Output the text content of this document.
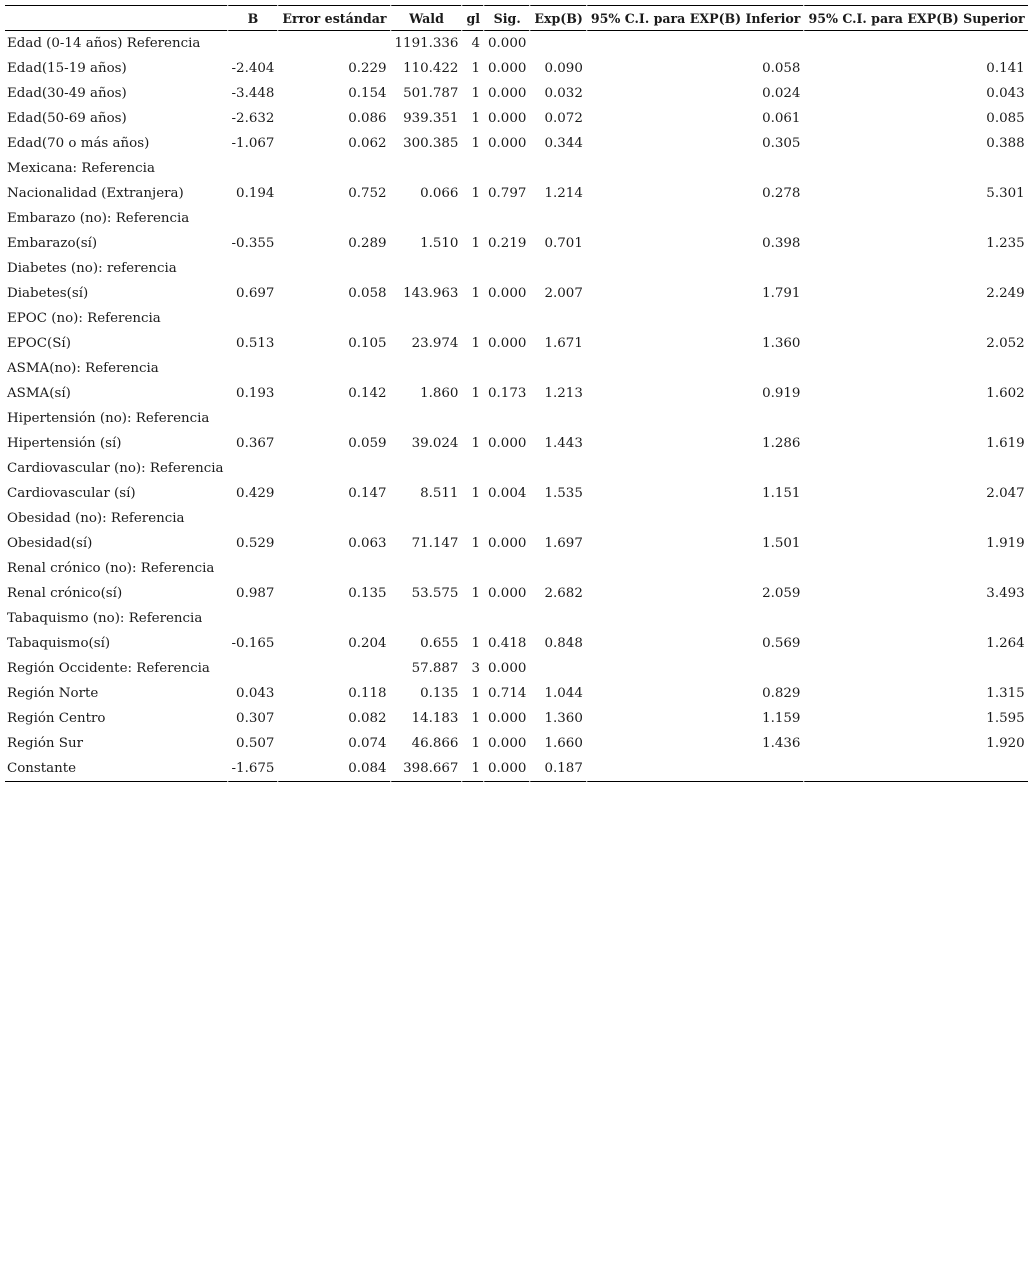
	B	Error estándar	Wald	gl	Sig.	Exp(B)	95% C.I. para EXP(B) Inferior	95% C.I. para EXP(B) Superior
Edad (0-14 años) Referencia			1191.336	4	0.000			
Edad(15-19 años)	-2.404	0.229	110.422	1	0.000	0.090	0.058	0.141
Edad(30-49 años)	-3.448	0.154	501.787	1	0.000	0.032	0.024	0.043
Edad(50-69 años)	-2.632	0.086	939.351	1	0.000	0.072	0.061	0.085
Edad(70 o más años)	-1.067	0.062	300.385	1	0.000	0.344	0.305	0.388
Mexicana: Referencia								
Nacionalidad (Extranjera)	0.194	0.752	0.066	1	0.797	1.214	0.278	5.301
Embarazo (no): Referencia								
Embarazo(sí)	-0.355	0.289	1.510	1	0.219	0.701	0.398	1.235
Diabetes (no): referencia								
Diabetes(sí)	0.697	0.058	143.963	1	0.000	2.007	1.791	2.249
EPOC (no): Referencia								
EPOC(Sí)	0.513	0.105	23.974	1	0.000	1.671	1.360	2.052
ASMA(no): Referencia								
ASMA(sí)	0.193	0.142	1.860	1	0.173	1.213	0.919	1.602
Hipertensión (no): Referencia								
Hipertensión (sí)	0.367	0.059	39.024	1	0.000	1.443	1.286	1.619
Cardiovascular (no): Referencia								
Cardiovascular (sí)	0.429	0.147	8.511	1	0.004	1.535	1.151	2.047
Obesidad (no): Referencia								
Obesidad(sí)	0.529	0.063	71.147	1	0.000	1.697	1.501	1.919
Renal crónico (no): Referencia								
Renal crónico(sí)	0.987	0.135	53.575	1	0.000	2.682	2.059	3.493
Tabaquismo (no): Referencia								
Tabaquismo(sí)	-0.165	0.204	0.655	1	0.418	0.848	0.569	1.264
Región Occidente: Referencia			57.887	3	0.000			
Región Norte	0.043	0.118	0.135	1	0.714	1.044	0.829	1.315
Región Centro	0.307	0.082	14.183	1	0.000	1.360	1.159	1.595
Región Sur	0.507	0.074	46.866	1	0.000	1.660	1.436	1.920
Constante	-1.675	0.084	398.667	1	0.000	0.187		
